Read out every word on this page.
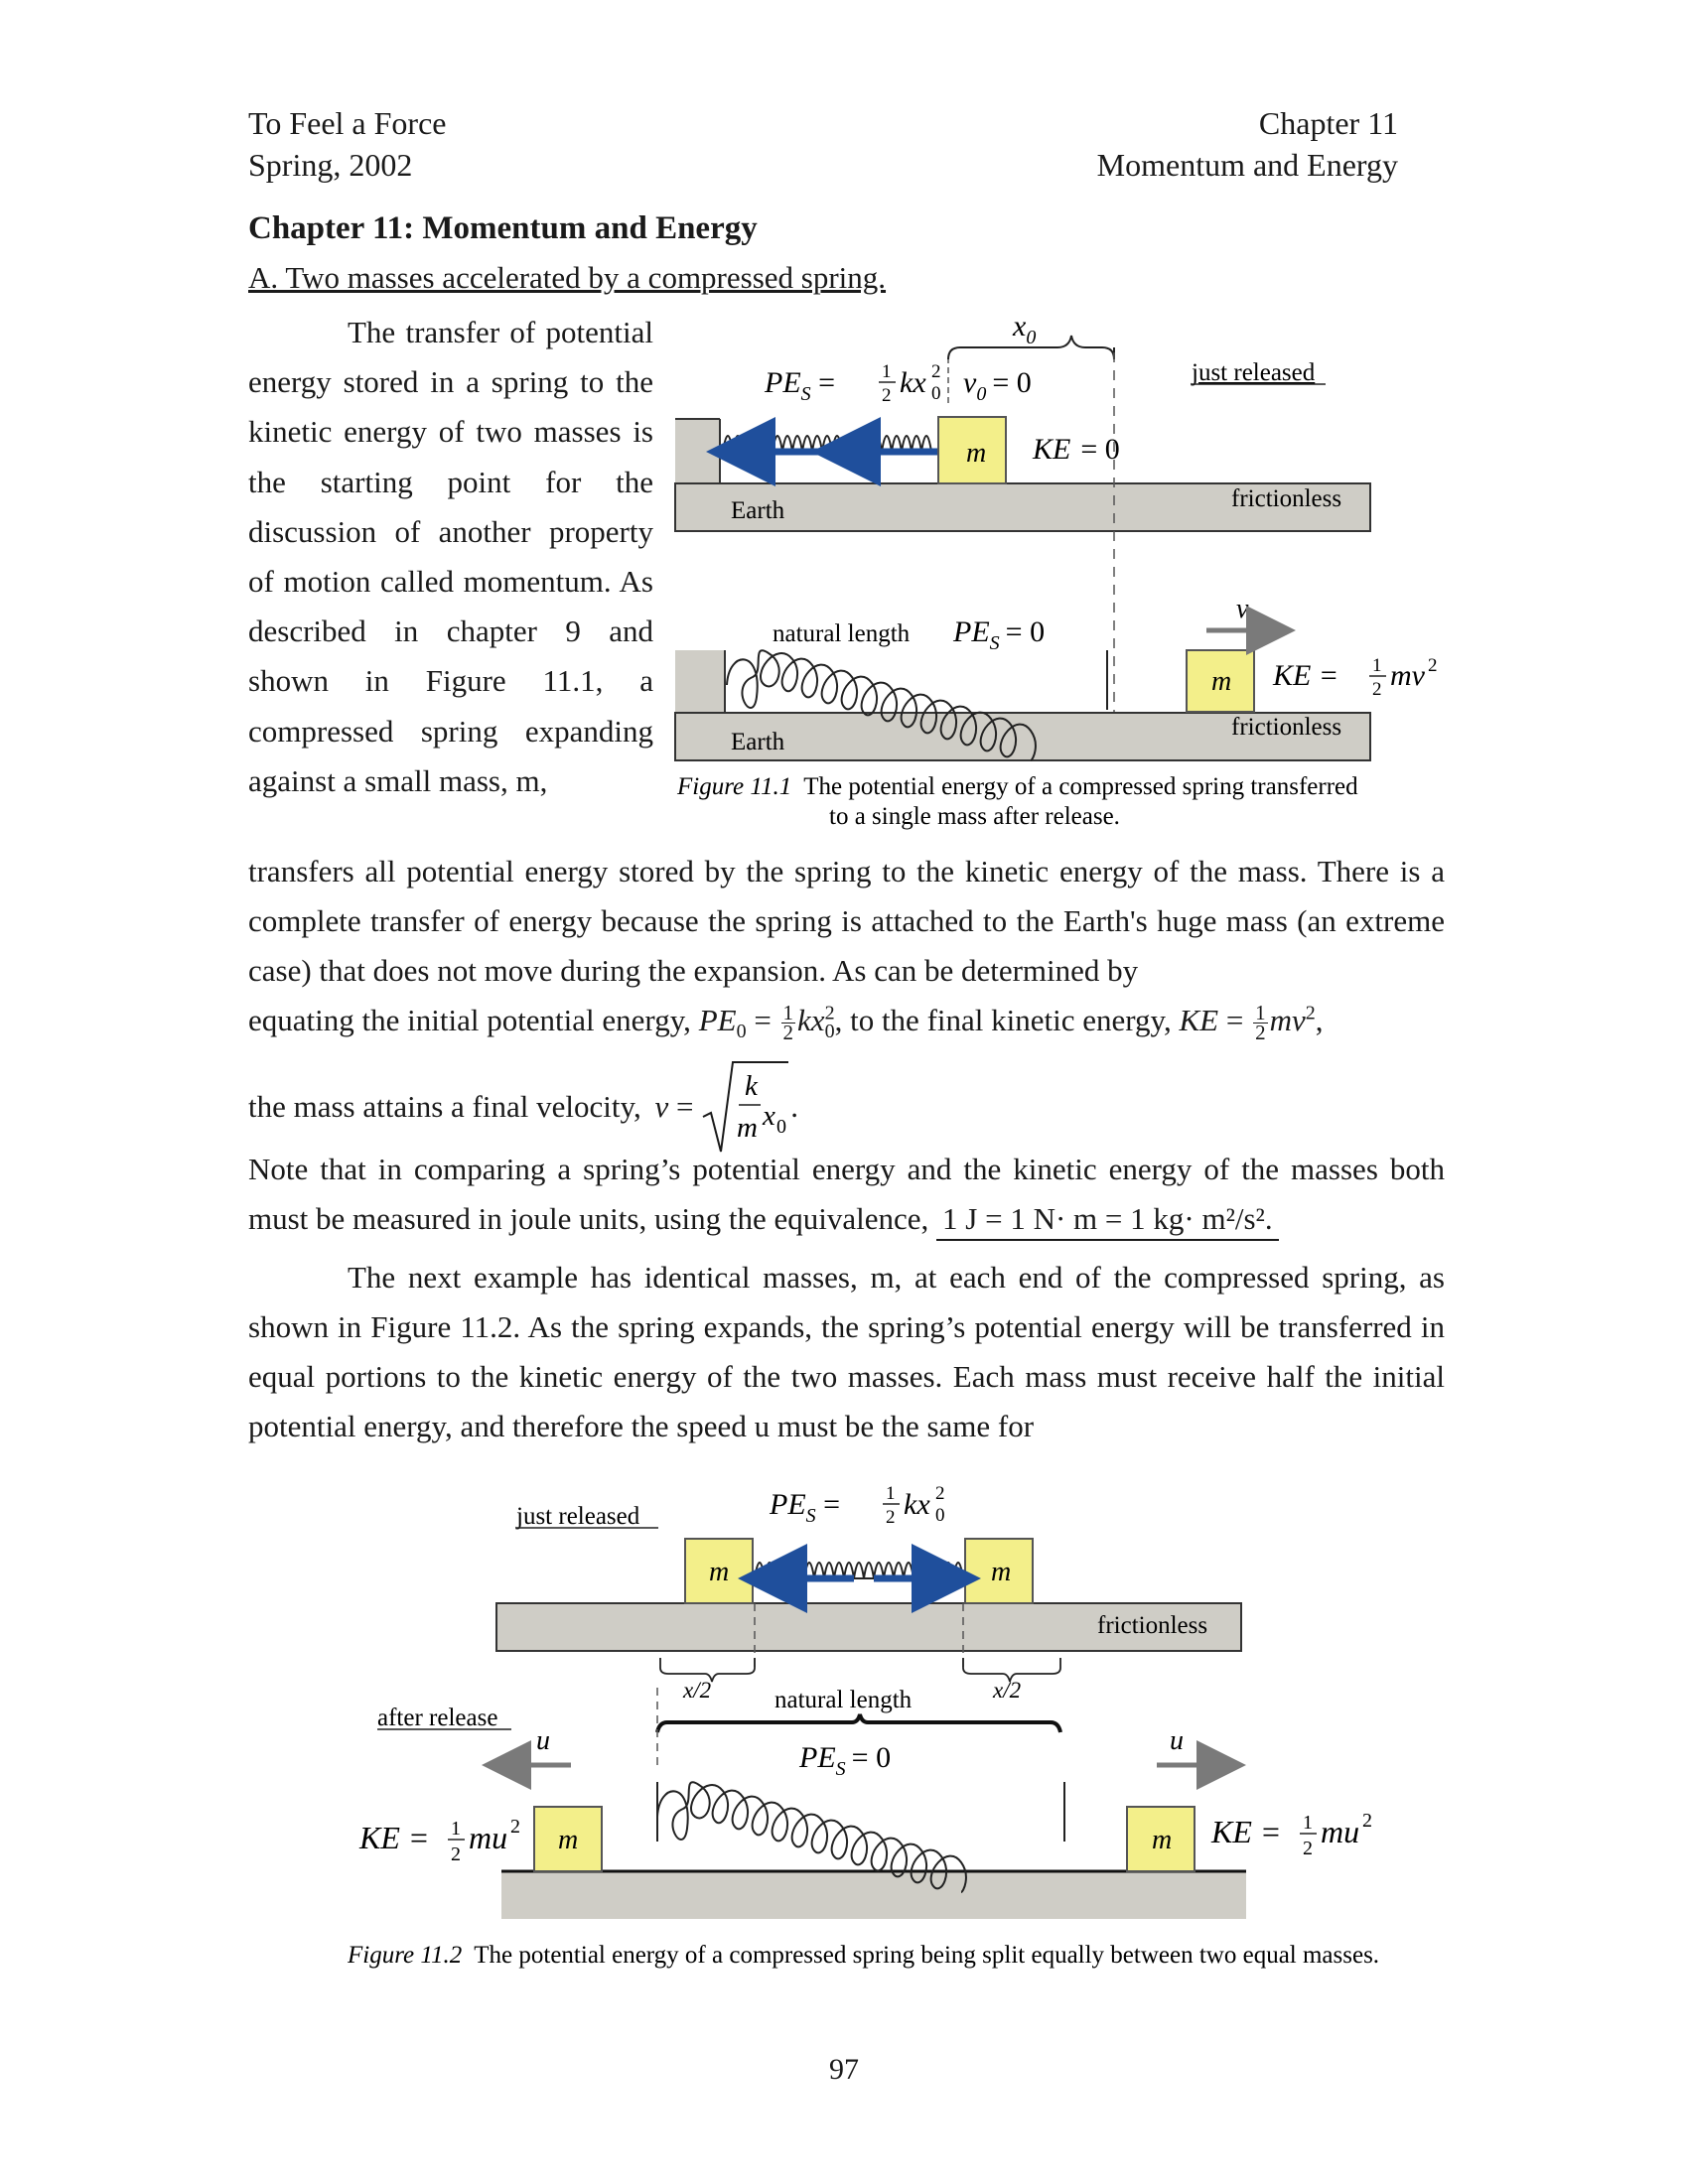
To Feel a Force
Spring, 2002
Chapter 11
Momentum and Energy
Chapter 11: Momentum and Energy
A. Two masses accelerated by a compressed spring.
The transfer of potential energy stored in a spring to the kinetic energy of two masses is the starting point for the discussion of another property of motion called momentum. As described in chapter 9 and shown in Figure 11.1, a compressed spring expanding against a small mass, m,
m KE = 0
Earth	frictionless
$PE_S = 1$
2 kx 2
0 $v_0 = 0$
$x_0$
just released
m KE = 1
2 mv 2
Earth
frictionless
natural length $PE_S = 0$
v
Figure 11.1 The potential energy of a compressed spring transferred
to a single mass after release.
transfers all potential energy stored by the spring to the kinetic energy of the mass. There is a complete transfer of energy because the spring is attached to the Earth's huge mass (an extreme case) that does not move during the expansion. As can be determined by
equating the initial potential energy, $PE_0 = \frac{1}{2} kx^2_0$, to the final kinetic energy, KE = $\frac{1}{2} mv^2$,
the mass attains a final velocity, v =
k
m x 0
.
Note that in comparing a spring’s potential energy and the kinetic energy of the masses both must be measured in joule units, using the equivalence, 1 J = 1 N· m = 1 kg· m²/s².
The next example has identical masses, m, at each end of the compressed spring, as shown in Figure 11.2. As the spring expands, the spring’s potential energy will be transferred in equal portions to the kinetic energy of the two masses. Each mass must receive half the initial potential energy, and therefore the speed u must be the same for
just released	$PE_S = 1$
2 kx 2
0
m	m
frictionless
x/2	x/2
natural length
after release
m	m
$PE_S = 0$
u	u
KE = 1
2 mu 2	KE = 1
2 mu 2
Figure 11.2 The potential energy of a compressed spring being split equally between two equal masses.
97
